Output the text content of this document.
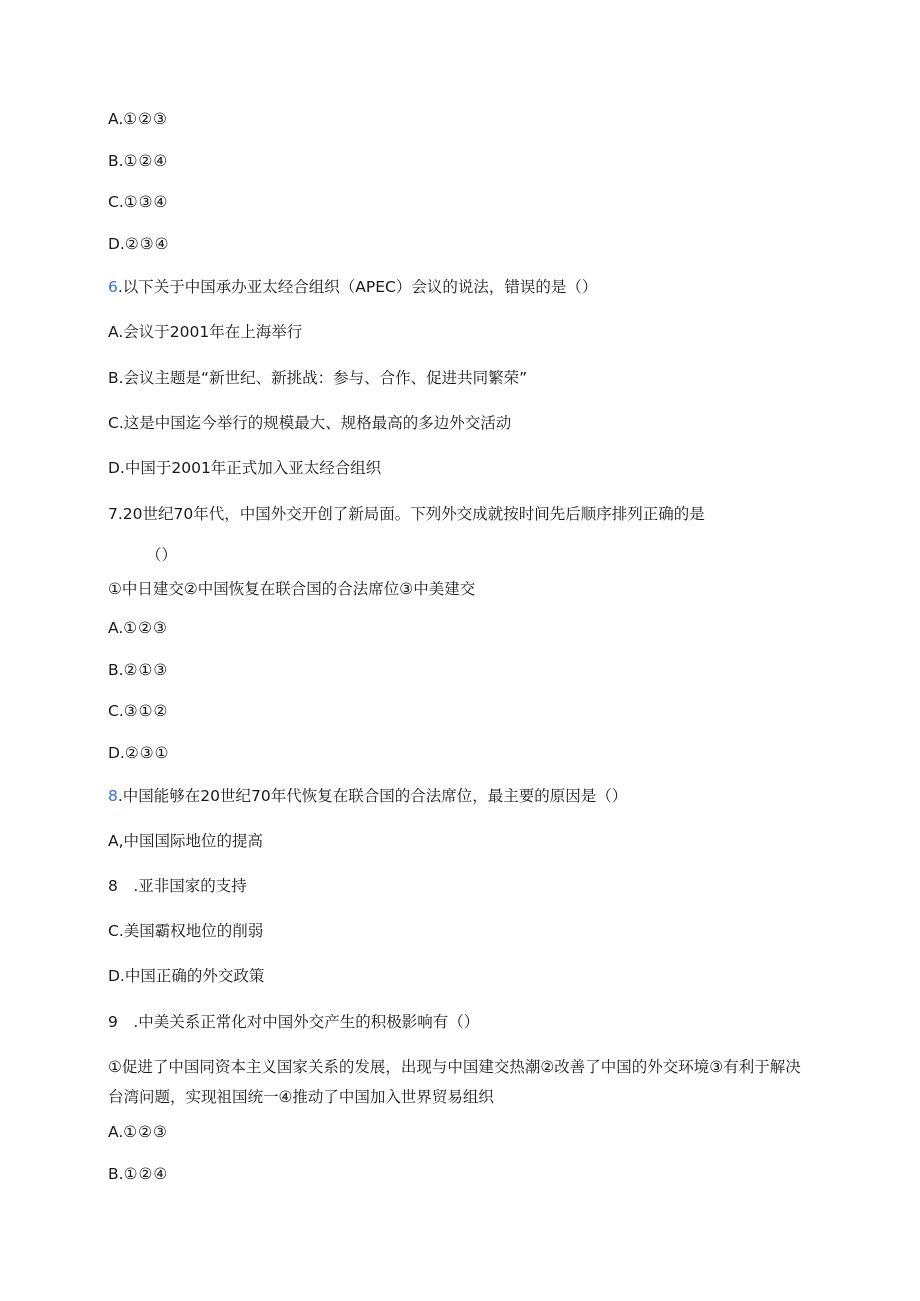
A.①②③
B.①②④
C.①③④
D.②③④
6.以下关于中国承办亚太经合组织（APEC）会议的说法，错误的是（）
A.会议于2001年在上海举行
B.会议主题是“新世纪、新挑战：参与、合作、促进共同繁荣”
C.这是中国迄今举行的规模最大、规格最高的多边外交活动
D.中国于2001年正式加入亚太经合组织
7.20世纪70年代，中国外交开创了新局面。下列外交成就按时间先后顺序排列正确的是
（）
①中日建交②中国恢复在联合国的合法席位③中美建交
A.①②③
B.②①③
C.③①②
D.②③①
8.中国能够在20世纪70年代恢复在联合国的合法席位，最主要的原因是（）
A,中国国际地位的提高
8　.亚非国家的支持
C.美国霸权地位的削弱
D.中国正确的外交政策
9　.中美关系正常化对中国外交产生的积极影响有（）
①促进了中国同资本主义国家关系的发展，出现与中国建交热潮②改善了中国的外交环境③有利于解决台湾问题，实现祖国统一④推动了中国加入世界贸易组织
A.①②③
B.①②④
